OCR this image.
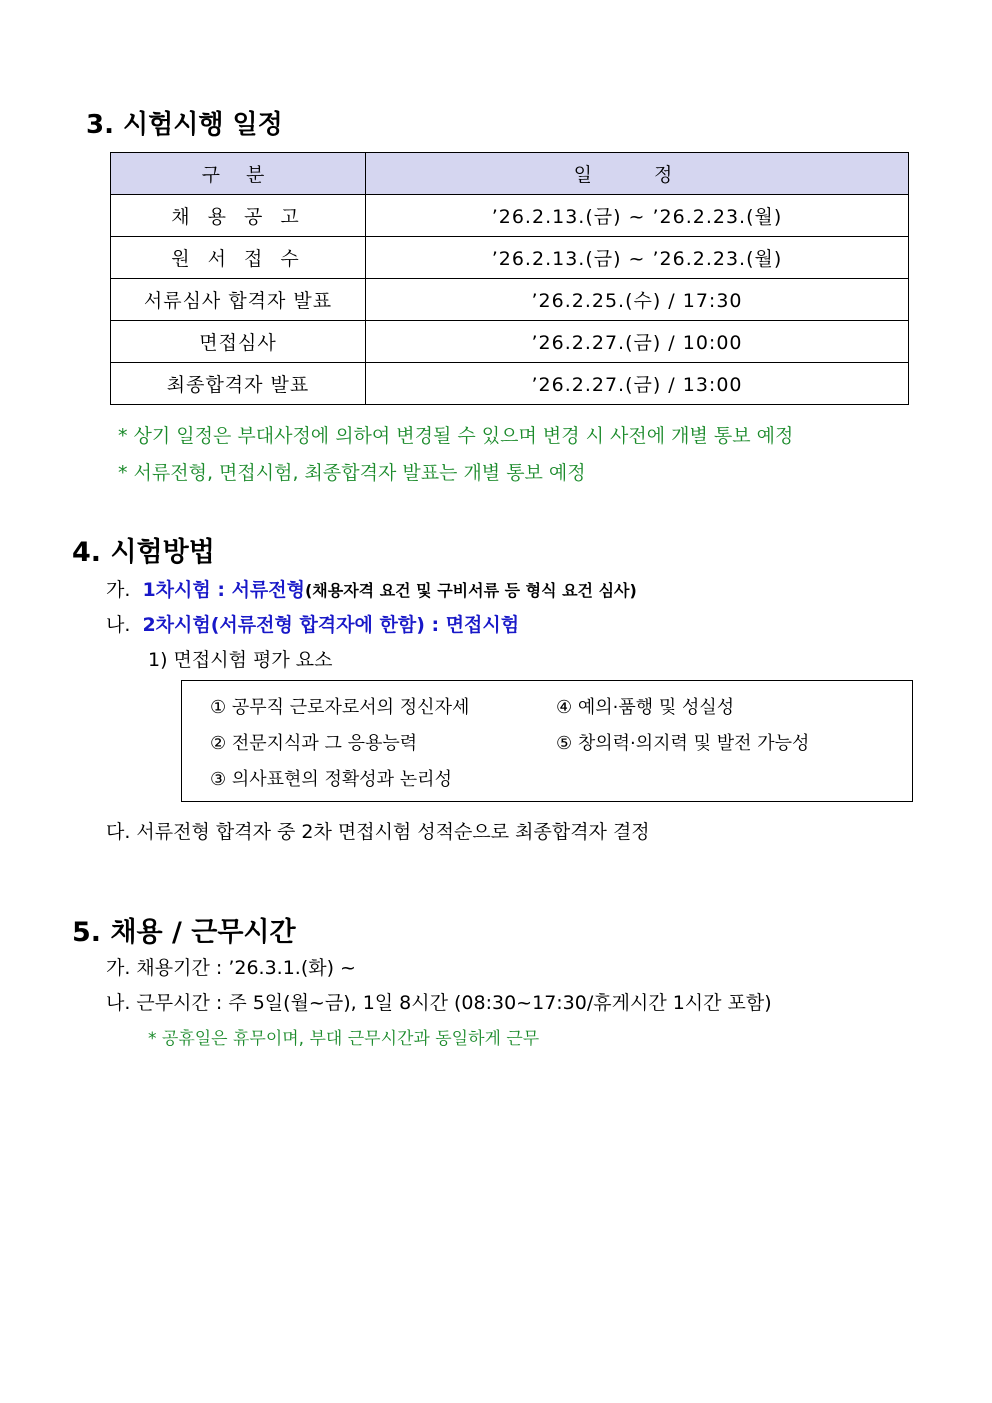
3. 시험시행 일정
구 분	일 정
채 용 공 고	’26.2.13.(금) ~ ’26.2.23.(월)
원 서 접 수	’26.2.13.(금) ~ ’26.2.23.(월)
서류심사 합격자 발표	’26.2.25.(수) / 17:30
면접심사	’26.2.27.(금) / 10:00
최종합격자 발표	’26.2.27.(금) / 13:00
* 상기 일정은 부대사정에 의하여 변경될 수 있으며 변경 시 사전에 개별 통보 예정
* 서류전형, 면접시험, 최종합격자 발표는 개별 통보 예정
4. 시험방법
가. 1차시험 : 서류전형(채용자격 요건 및 구비서류 등 형식 요건 심사)
나. 2차시험(서류전형 합격자에 한함) : 면접시험
1) 면접시험 평가 요소
① 공무직 근로자로서의 정신자세
② 전문지식과 그 응용능력
③ 의사표현의 정확성과 논리성
④ 예의·품행 및 성실성
⑤ 창의력·의지력 및 발전 가능성
다. 서류전형 합격자 중 2차 면접시험 성적순으로 최종합격자 결정
5. 채용 / 근무시간
가. 채용기간 : ’26.3.1.(화) ~
나. 근무시간 : 주 5일(월~금), 1일 8시간 (08:30~17:30/휴게시간 1시간 포함)
* 공휴일은 휴무이며, 부대 근무시간과 동일하게 근무
